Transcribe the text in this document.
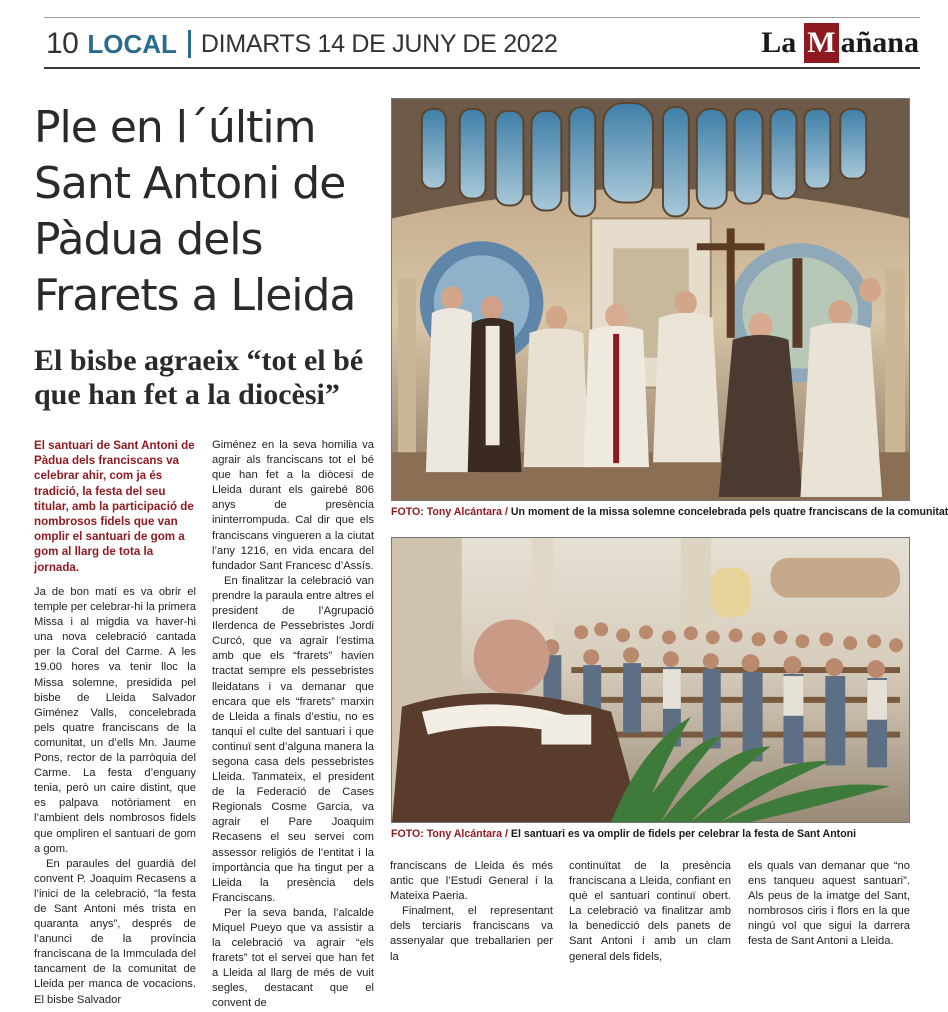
10 LOCAL DIMARTS 14 DE JUNY DE 2022	La M añana
Ple en l´últim Sant Antoni de Pàdua dels Frarets a Lleida
El bisbe agraeix “tot el bé que han fet a la diocèsi”
El santuari de Sant Antoni de Pàdua dels franciscans va celebrar ahir, com ja és tradició, la festa del seu titular, amb la participació de nombrosos fidels que van omplir el santuari de gom a gom al llarg de tota la jornada.

Ja de bon matí es va obrir el temple per celebrar-hi la primera Missa i al migdia va haver-hi una nova celebració cantada per la Coral del Carme. A les 19.00 hores va tenir lloc la Missa solemne, presidida pel bisbe de Lleida Salvador Giménez Valls, concelebrada pels quatre franciscans de la comunitat, un d’ells Mn. Jaume Pons, rector de la parròquia del Carme. La festa d’enguany tenia, però un caire distint, que es palpava notòriament en l’ambient dels nombrosos fidels que ompliren el santuari de gom a gom.

En paraules del guardià del convent P. Joaquim Recasens a l’inici de la celebració, “la festa de Sant Antoni més trista en quaranta anys”, després de l’anunci de la província franciscana de la Immculada del tancament de la comunitat de Lleida per manca de vocacions. El bisbe Salvador

Giménez en la seva homilia va agrair als franciscans tot el bé que han fet a la diòcesi de Lleida durant els gairebé 806 anys de presència ininterrompuda. Cal dir que els franciscans vingueren a la ciutat l’any 1216, en vida encara del fundador Sant Francesc d’Assís.

En finalitzar la celebració van prendre la paraula entre altres el president de l’Agrupació Ilerdenca de Pessebristes Jordi Curcó, que va agrair l’estima amb que els “frarets” havien tractat sempre els pessebristes lleidatans i va demanar que encara que els “frarets” marxin de Lleida a finals d’estiu, no es tanqui el culte del santuari i que continuï sent d’alguna manera la segona casa dels pessebristes Lleida. Tanmateix, el president de la Federació de Cases Regionals Cosme Garcia, va agrair el Pare Joaquim Recasens el seu servei com assessor religiós de l’entitat i la importància que ha tingut per a Lleida la presència dels Franciscans.

Per la seva banda, l’alcalde Miquel Pueyo que va assistir a la celebració va agrair “els frarets” tot el servei que han fet a Lleida al llarg de més de vuit segles, destacant que el convent de

franciscans de Lleida és més antic que l’Estudi General i la Mateixa Paeria.

Finalment, el representant dels terciaris franciscans va assenyalar que treballarien per la

continuïtat de la presència franciscana a Lleida, confiant en què el santuari continuï obert. La celebració va finalitzar amb la benedicció dels panets de Sant Antoni i amb un clam general dels fidels,

els quals van demanar que “no ens tanqueu aquest santuari”. Als peus de la imatge del Sant, nombrosos ciris i flors en la que ningú vol que sigui la darrera festa de Sant Antoni a Lleida.

FOTO: Tony Alcántara / Un moment de la missa solemne concelebrada pels quatre franciscans de la comunitat
FOTO: Tony Alcántara / El santuari es va omplir de fidels per celebrar la festa de Sant Antoni
